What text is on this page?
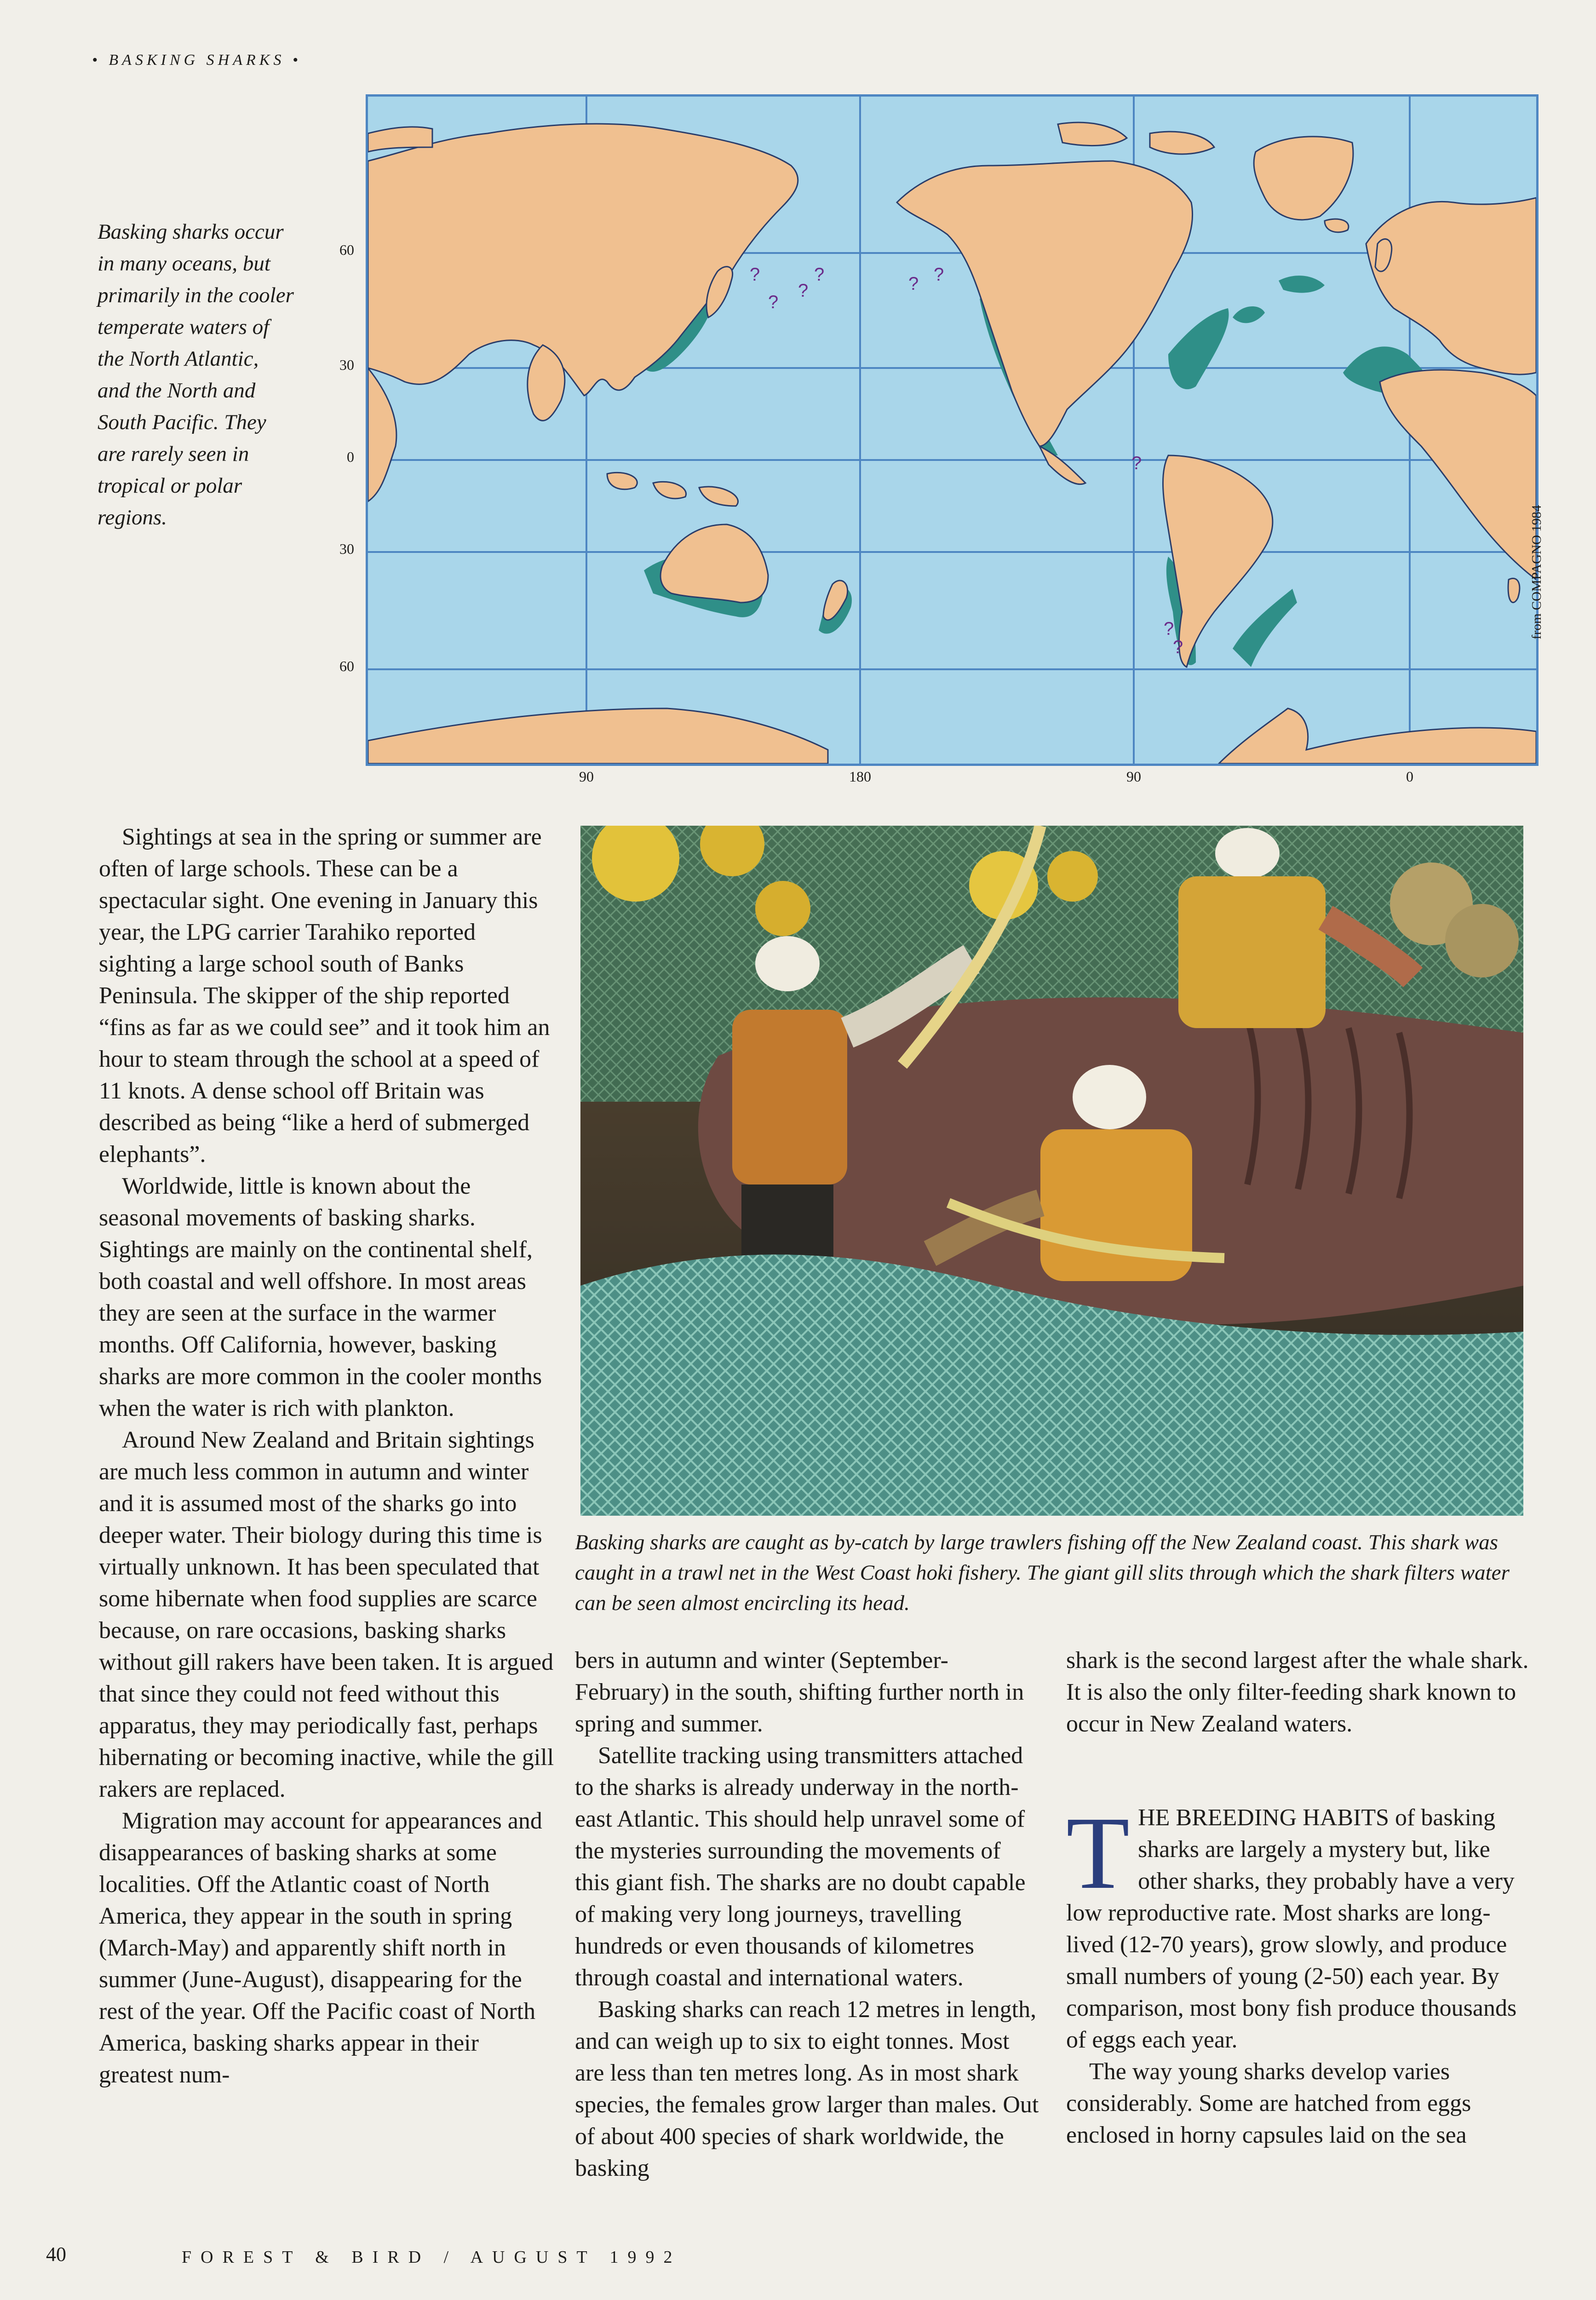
• BASKING SHARKS •
Basking sharks occur in many oceans, but primarily in the cooler temperate waters of the North Atlantic, and the North and South Pacific. They are rarely seen in tropical or polar regions.
?
?
?
?	? ?
?
?
?
60
30
0
30
60
90	180	90	0
from COMPAGNO 1984
Basking sharks are caught as by-catch by large trawlers fishing off the New Zealand coast. This shark was caught in a trawl net in the West Coast hoki fishery. The giant gill slits through which the shark filters water can be seen almost encircling its head.

Sightings at sea in the spring or summer are often of large schools. These can be a spectacular sight. One evening in January this year, the LPG carrier Tarahiko reported sighting a large school south of Banks Peninsula. The skipper of the ship reported “fins as far as we could see” and it took him an hour to steam through the school at a speed of 11 knots. A dense school off Britain was described as being “like a herd of submerged elephants”.

Worldwide, little is known about the seasonal movements of basking sharks. Sightings are mainly on the continental shelf, both coastal and well offshore. In most areas they are seen at the surface in the warmer months. Off California, however, basking sharks are more common in the cooler months when the water is rich with plankton.

Around New Zealand and Britain sightings are much less common in autumn and winter and it is assumed most of the sharks go into deeper water. Their biology during this time is virtually unknown. It has been speculated that some hibernate when food supplies are scarce because, on rare occasions, basking sharks without gill rakers have been taken. It is argued that since they could not feed without this apparatus, they may periodically fast, perhaps hibernating or becoming inactive, while the gill rakers are replaced.

Migration may account for appearances and disappearances of basking sharks at some localities. Off the Atlantic coast of North America, they appear in the south in spring (March-May) and apparently shift north in summer (June-August), disappearing for the rest of the year. Off the Pacific coast of North America, basking sharks appear in their greatest num-

bers in autumn and winter (September-February) in the south, shifting further north in spring and summer.

Satellite tracking using transmitters attached to the sharks is already underway in the north-east Atlantic. This should help unravel some of the mysteries surrounding the movements of this giant fish. The sharks are no doubt capable of making very long journeys, travelling hundreds or even thousands of kilometres through coastal and international waters.

Basking sharks can reach 12 metres in length, and can weigh up to six to eight tonnes. Most are less than ten metres long. As in most shark species, the females grow larger than males. Out of about 400 species of shark worldwide, the basking

shark is the second largest after the whale shark. It is also the only filter-feeding shark known to occur in New Zealand waters.

THE BREEDING HABITS of basking sharks are largely a mystery but, like other sharks, they probably have a very low reproductive rate. Most sharks are long-lived (12-70 years), grow slowly, and produce small numbers of young (2-50) each year. By comparison, most bony fish produce thousands of eggs each year.

The way young sharks develop varies considerably. Some are hatched from eggs enclosed in horny capsules laid on the sea

40	FOREST & BIRD / AUGUST 1992
